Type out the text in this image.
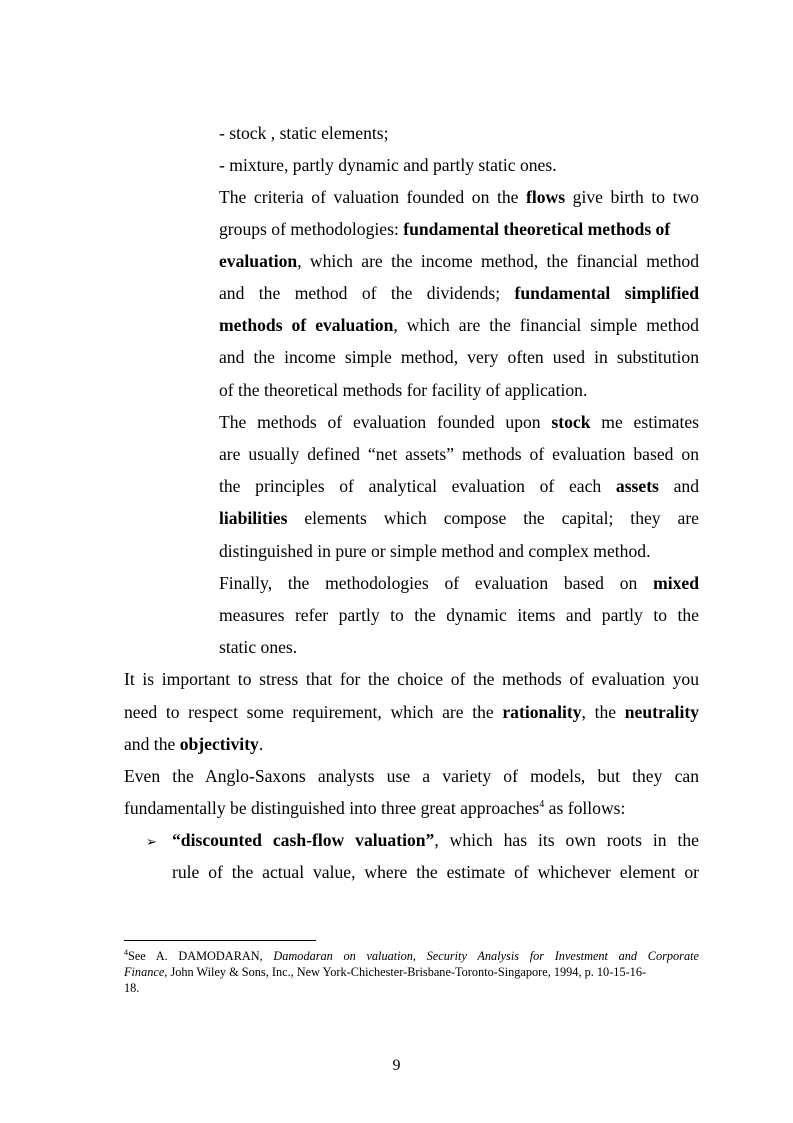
- stock , static elements;
- mixture, partly dynamic and partly static ones.
The criteria of valuation founded on the flows give birth to two
groups of methodologies: fundamental theoretical methods of
evaluation, which are the income method, the financial method
and the method of the dividends; fundamental simplified
methods of evaluation, which are the financial simple method
and the income simple method, very often used in substitution
of the theoretical methods for facility of application.
The methods of evaluation founded upon stock me estimates
are usually defined “net assets” methods of evaluation based on
the principles of analytical evaluation of each assets and
liabilities elements which compose the capital; they are
distinguished in pure or simple method and complex method.
Finally, the methodologies of evaluation based on mixed
measures refer partly to the dynamic items and partly to the
static ones.
It is important to stress that for the choice of the methods of evaluation you
need to respect some requirement, which are the rationality, the neutrality
and the objectivity.
Even the Anglo-Saxons analysts use a variety of models, but they can
fundamentally be distinguished into three great approaches$^4$ as follows:
➢ “discounted cash-flow valuation”, which has its own roots in the
rule of the actual value, where the estimate of whichever element or
$^4$See A. DAMODARAN, Damodaran on valuation, Security Analysis for Investment and Corporate
Finance, John Wiley & Sons, Inc., New York-Chichester-Brisbane-Toronto-Singapore, 1994, p. 10-15-16-
18.
9
